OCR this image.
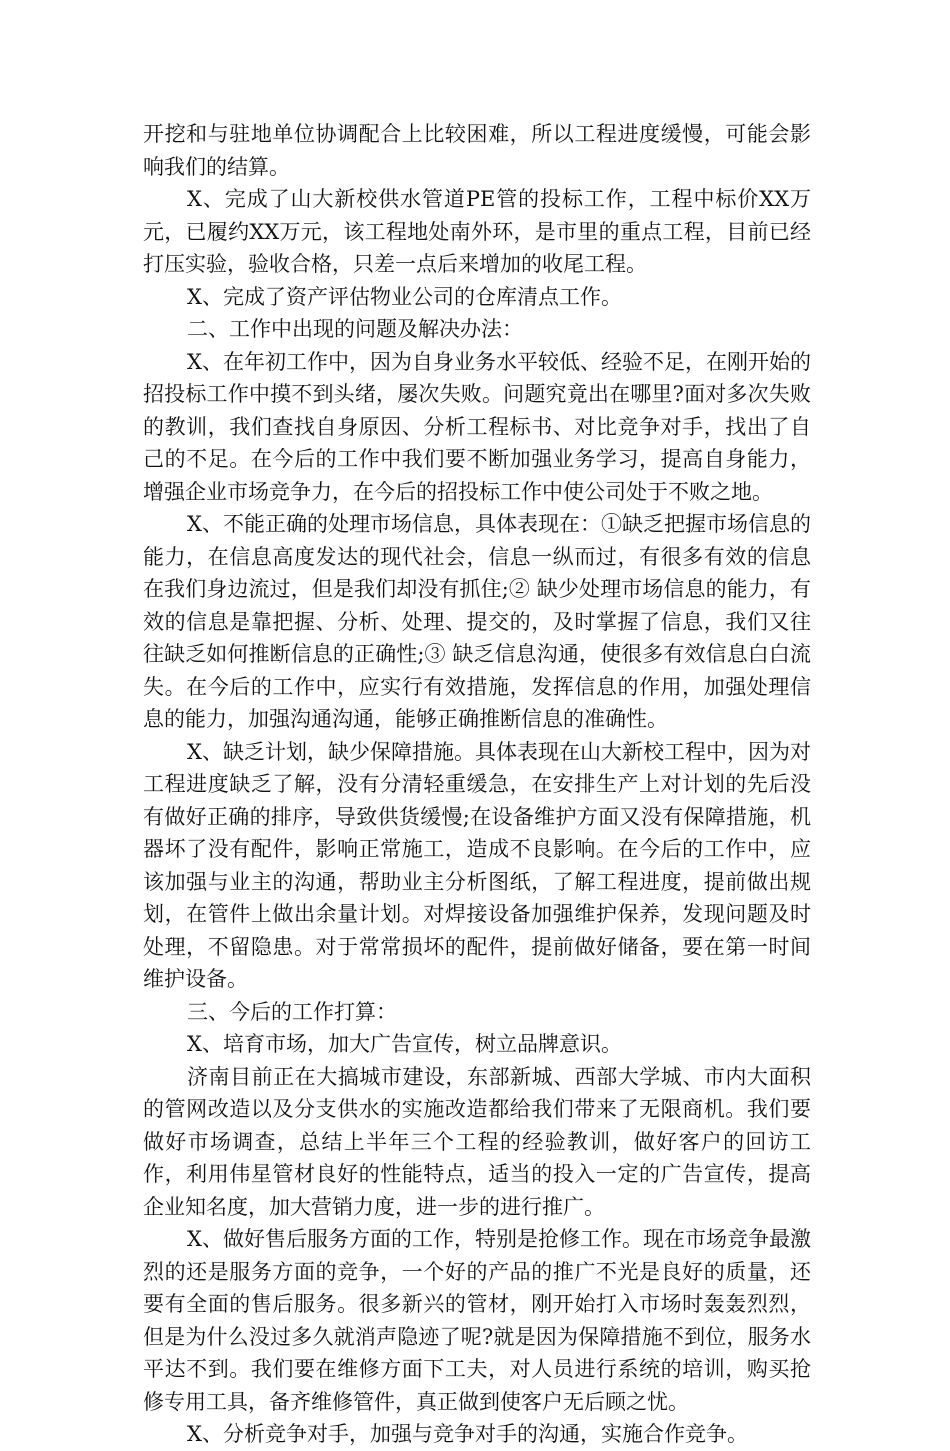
开挖和与驻地单位协调配合上比较困难，所以工程进度缓慢，可能会影响我们的结算。

X、完成了山大新校供水管道PE管的投标工作，工程中标价XX万元，已履约XX万元，该工程地处南外环，是市里的重点工程，目前已经打压实验，验收合格，只差一点后来增加的收尾工程。

X、完成了资产评估物业公司的仓库清点工作。

二、工作中出现的问题及解决办法：

X、在年初工作中，因为自身业务水平较低、经验不足，在刚开始的招投标工作中摸不到头绪，屡次失败。问题究竟出在哪里?面对多次失败的教训，我们查找自身原因、分析工程标书、对比竞争对手，找出了自己的不足。在今后的工作中我们要不断加强业务学习，提高自身能力，增强企业市场竞争力，在今后的招投标工作中使公司处于不败之地。

X、不能正确的处理市场信息，具体表现在：①缺乏把握市场信息的能力，在信息高度发达的现代社会，信息一纵而过，有很多有效的信息在我们身边流过，但是我们却没有抓住;② 缺少处理市场信息的能力，有效的信息是靠把握、分析、处理、提交的，及时掌握了信息，我们又往往缺乏如何推断信息的正确性;③ 缺乏信息沟通，使很多有效信息白白流失。在今后的工作中，应实行有效措施，发挥信息的作用，加强处理信息的能力，加强沟通沟通，能够正确推断信息的准确性。

X、缺乏计划，缺少保障措施。具体表现在山大新校工程中，因为对工程进度缺乏了解，没有分清轻重缓急，在安排生产上对计划的先后没有做好正确的排序，导致供货缓慢;在设备维护方面又没有保障措施，机器坏了没有配件，影响正常施工，造成不良影响。在今后的工作中，应该加强与业主的沟通，帮助业主分析图纸，了解工程进度，提前做出规划，在管件上做出余量计划。对焊接设备加强维护保养，发现问题及时处理，不留隐患。对于常常损坏的配件，提前做好储备，要在第一时间维护设备。

三、今后的工作打算：

X、培育市场，加大广告宣传，树立品牌意识。

济南目前正在大搞城市建设，东部新城、西部大学城、市内大面积的管网改造以及分支供水的实施改造都给我们带来了无限商机。我们要做好市场调查，总结上半年三个工程的经验教训，做好客户的回访工作，利用伟星管材良好的性能特点，适当的投入一定的广告宣传，提高企业知名度，加大营销力度，进一步的进行推广。

X、做好售后服务方面的工作，特别是抢修工作。现在市场竞争最激烈的还是服务方面的竞争，一个好的产品的推广不光是良好的质量，还要有全面的售后服务。很多新兴的管材，刚开始打入市场时轰轰烈烈，但是为什么没过多久就消声隐迹了呢?就是因为保障措施不到位，服务水平达不到。我们要在维修方面下工夫，对人员进行系统的培训，购买抢修专用工具，备齐维修管件，真正做到使客户无后顾之忧。

X、分析竞争对手，加强与竞争对手的沟通，实施合作竞争。
